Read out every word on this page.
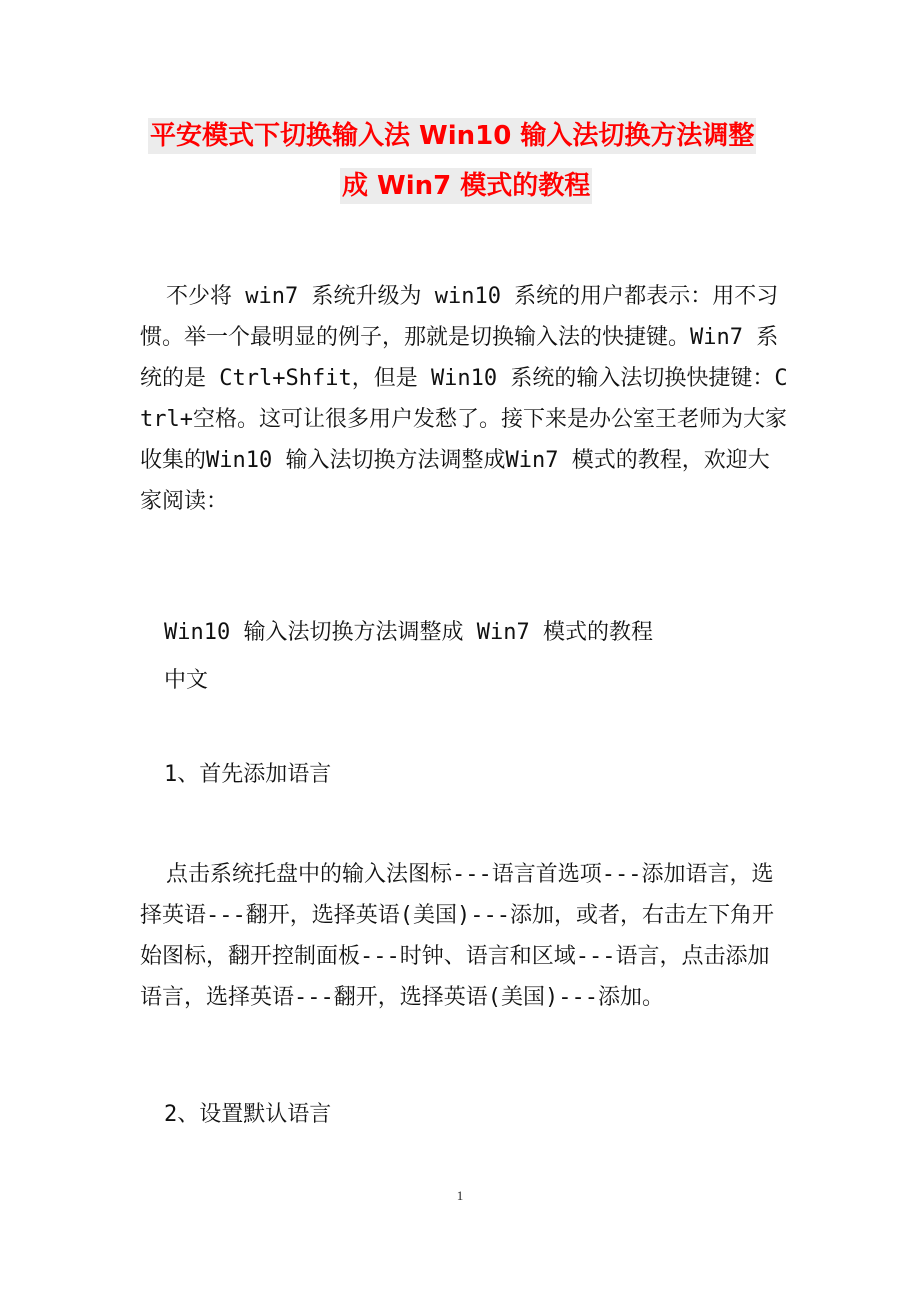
平安模式下切换输入法 Win10 输入法切换方法调整
成 Win7 模式的教程

不少将 win7 系统升级为 win10 系统的用户都表示：用不习惯。举一个最明显的例子，那就是切换输入法的快捷键。Win7 系统的是 Ctrl+Shfit，但是 Win10 系统的输入法切换快捷键：Ctrl+空格。这可让很多用户发愁了。接下来是办公室王老师为大家收集的Win10 输入法切换方法调整成Win7 模式的教程，欢迎大家阅读：

Win10 输入法切换方法调整成 Win7 模式的教程

中文

1、首先添加语言

点击系统托盘中的输入法图标---语言首选项---添加语言，选择英语---翻开，选择英语(美国)---添加，或者，右击左下角开始图标，翻开控制面板---时钟、语言和区域---语言，点击添加语言，选择英语---翻开，选择英语(美国)---添加。

2、设置默认语言

1
